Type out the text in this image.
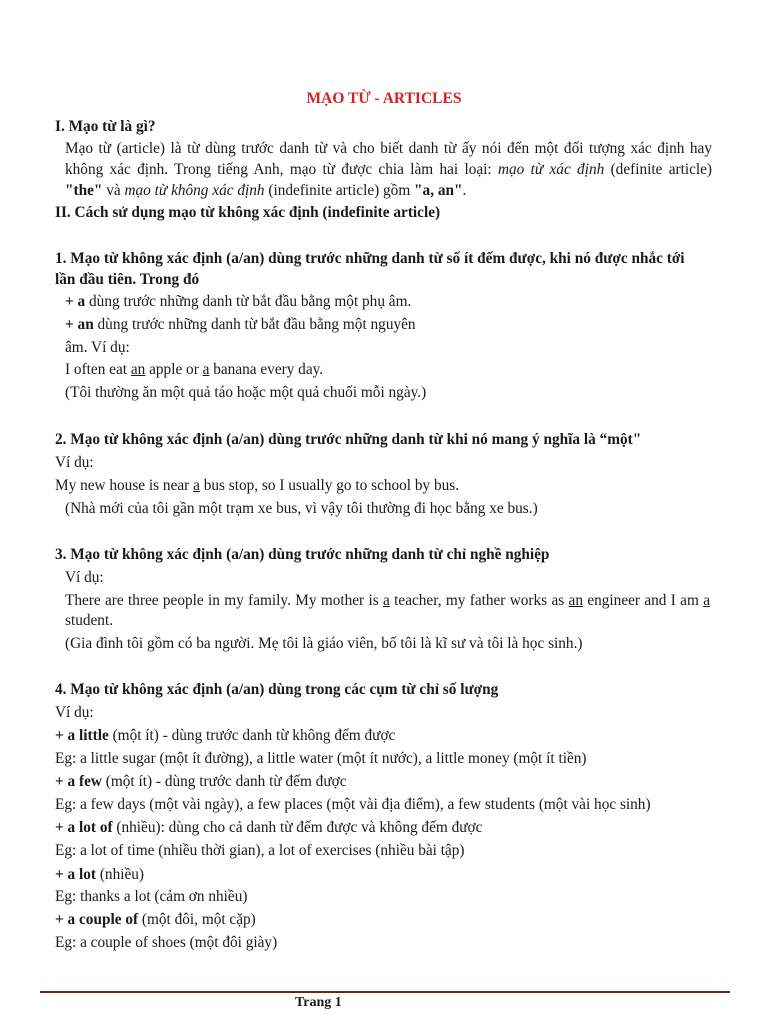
MẠO TỪ - ARTICLES
I. Mạo từ là gì?
Mạo từ (article) là từ dùng trước danh từ và cho biết danh từ ấy nói đến một đối tượng xác định hay
không xác định. Trong tiếng Anh, mạo từ được chia làm hai loại: mạo từ xác định (definite article)
"the" và mạo từ không xác định (indefinite article) gồm "a, an".
II. Cách sử dụng mạo từ không xác định (indefinite article)
1. Mạo từ không xác định (a/an) dùng trước những danh từ số ít đếm được, khi nó được nhắc tới
lần đầu tiên. Trong đó
+ a dùng trước những danh từ bắt đầu bằng một phụ âm.
+ an dùng trước những danh từ bắt đầu bằng một nguyên
âm. Ví dụ:
I often eat an apple or a banana every day.
(Tôi thường ăn một quả táo hoặc một quả chuối mỗi ngày.)
2. Mạo từ không xác định (a/an) dùng trước những danh từ khi nó mang ý nghĩa là “một"
Ví dụ:
My new house is near a bus stop, so I usually go to school by bus.
(Nhà mới của tôi gần một trạm xe bus, vì vậy tôi thường đi học bằng xe bus.)
3. Mạo từ không xác định (a/an) dùng trước những danh từ chỉ nghề nghiệp
Ví dụ:
There are three people in my family. My mother is a teacher, my father works as an engineer and I am a
student.
(Gia đình tôi gồm có ba người. Mẹ tôi là giáo viên, bố tôi là kĩ sư và tôi là học sinh.)
4. Mạo từ không xác định (a/an) dùng trong các cụm từ chỉ số lượng
Ví dụ:
+ a little (một ít) - dùng trước danh từ không đếm được
Eg: a little sugar (một ít đường), a little water (một ít nước), a little money (một ít tiền)
+ a few (một ít) - dùng trước danh từ đếm được
Eg: a few days (một vài ngày), a few places (một vài địa điểm), a few students (một vài học sinh)
+ a lot of (nhiều): dùng cho cả danh từ đếm được và không đếm được
Eg: a lot of time (nhiều thời gian), a lot of exercises (nhiều bài tập)
+ a lot (nhiều)
Eg: thanks a lot (cảm ơn nhiều)
+ a couple of (một đôi, một cặp)
Eg: a couple of shoes (một đôi giày)
Trang 1
